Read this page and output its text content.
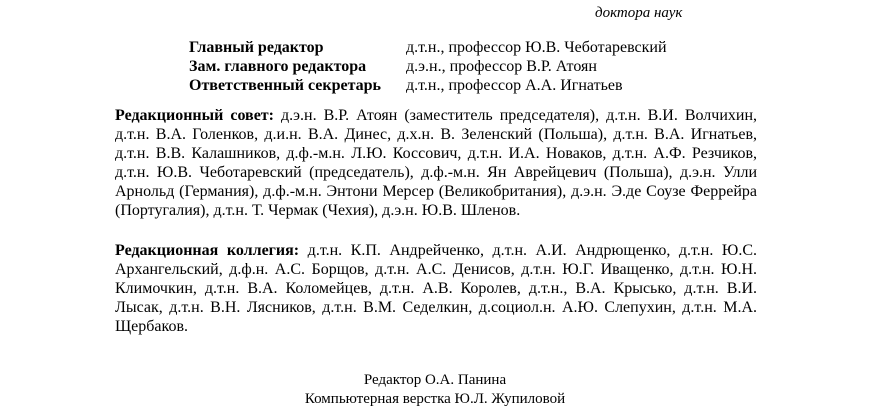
доктора наук
Главный редактор	д.т.н., профессор Ю.В. Чеботаревский
Зам. главного редактора	д.э.н., профессор В.Р. Атоян
Ответственный секретарь	д.т.н., профессор А.А. Игнатьев

Редакционный совет: д.э.н. В.Р. Атоян (заместитель председателя), д.т.н. В.И. Волчихин, д.т.н. В.А. Голенков, д.и.н. В.А. Динес, д.х.н. В. Зеленский (Польша), д.т.н. В.А. Игнатьев, д.т.н. В.В. Калашников, д.ф.-м.н. Л.Ю. Коссович, д.т.н. И.А. Новаков, д.т.н. А.Ф. Резчиков, д.т.н. Ю.В. Чеботаревский (председатель), д.ф.-м.н. Ян Аврейцевич (Польша), д.э.н. Улли Арнольд (Германия), д.ф.-м.н. Энтони Мерсер (Великобритания), д.э.н. Э.де Соузе Феррейра (Португалия), д.т.н. Т. Чермак (Чехия), д.э.н. Ю.В. Шленов.

Редакционная коллегия: д.т.н. К.П. Андрейченко, д.т.н. А.И. Андрющенко, д.т.н. Ю.С. Архангельский, д.ф.н. А.С. Борщов, д.т.н. А.С. Денисов, д.т.н. Ю.Г. Иващенко, д.т.н. Ю.Н. Климочкин, д.т.н. В.А. Коломейцев, д.т.н. А.В. Королев, д.т.н., В.А. Крысько, д.т.н. В.И. Лысак, д.т.н. В.Н. Лясников, д.т.н. В.М. Седелкин, д.социол.н. А.Ю. Слепухин, д.т.н. М.А. Щербаков.

Редактор О.А. Панина
Компьютерная верстка Ю.Л. Жупиловой
